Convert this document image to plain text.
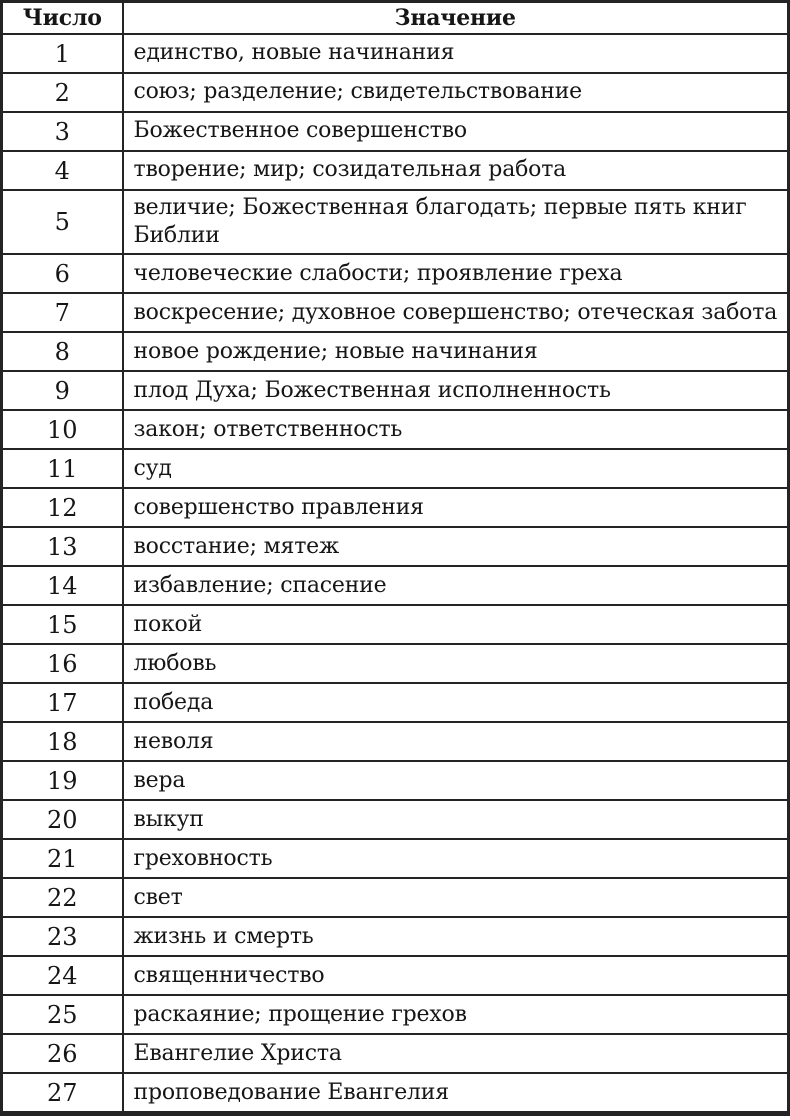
Число	Значение
1	единство, новые начинания
2	союз; разделение; свидетельствование
3	Божественное совершенство
4	творение; мир; созидательная работа
5	величие; Божественная благодать; первые пять книг Библии
6	человеческие слабости; проявление греха
7	воскресение; духовное совершенство; отеческая забота
8	новое рождение; новые начинания
9	плод Духа; Божественная исполненность
10	закон; ответственность
11	суд
12	совершенство правления
13	восстание; мятеж
14	избавление; спасение
15	покой
16	любовь
17	победа
18	неволя
19	вера
20	выкуп
21	греховность
22	свет
23	жизнь и смерть
24	священничество
25	раскаяние; прощение грехов
26	Евангелие Христа
27	проповедование Евангелия
